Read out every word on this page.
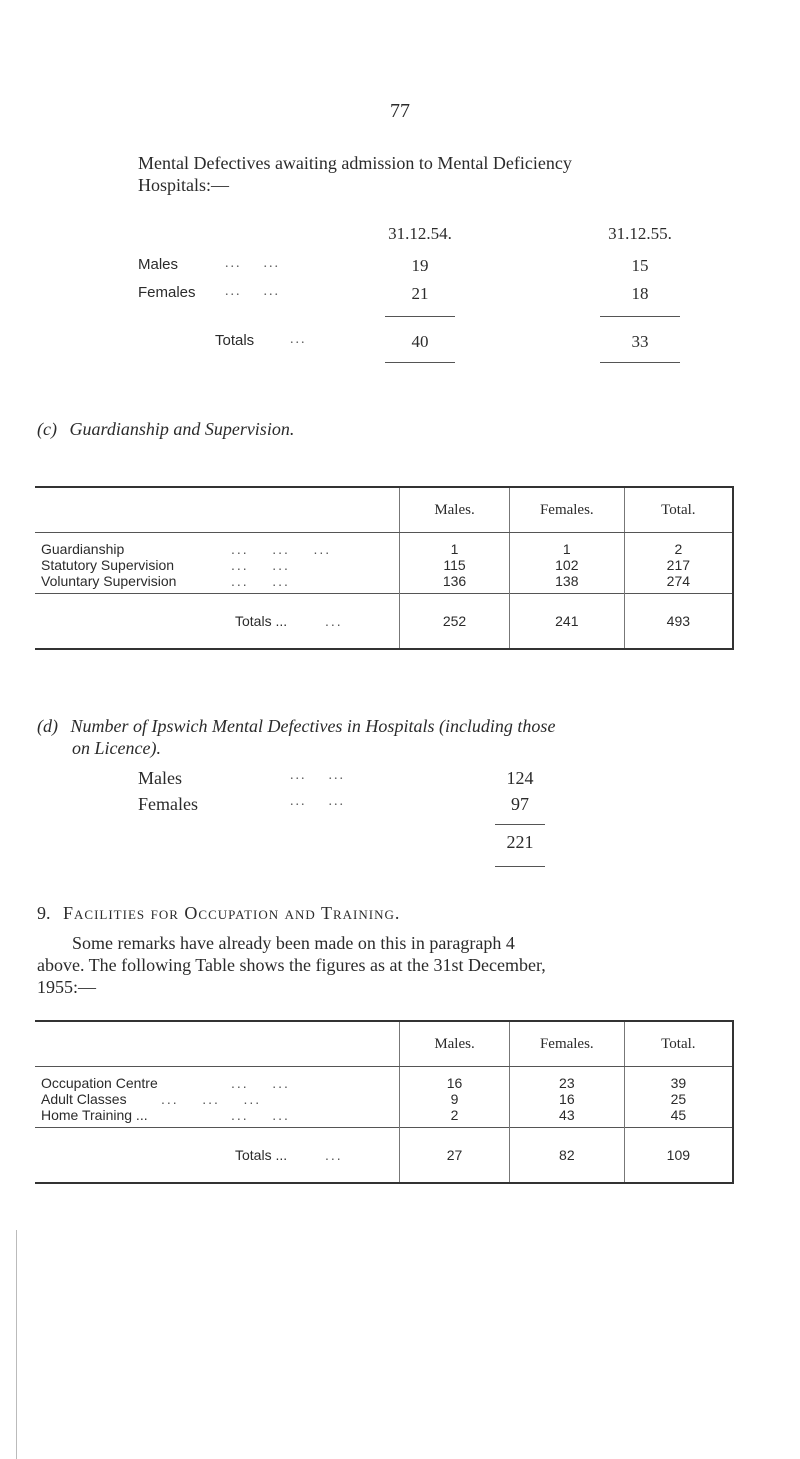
77
Mental Defectives awaiting admission to Mental Deficiency
Hospitals:—
31.12.54.	31.12.55.
Males	...    ...	19	15
Females ...    ...	21	18
Totals	...	40	33
(c) Guardianship and Supervision.
	Males.	Females.	Total.
Guardianship ...    ...    ...	1	1	2
Statutory Supervision ...    ...	115	102	217
Voluntary Supervision ...    ...	136	138	274
Totals ... ...	252	241	493
(d) Number of Ipswich Mental Defectives in Hospitals (including those
on Licence).
Males	...    ...	124
Females	...    ...	97
221
9. Facilities for Occupation and Training.
Some remarks have already been made on this in paragraph 4
above. The following Table shows the figures as at the 31st December,
1955:—
	Males.	Females.	Total.
Occupation Centre ...    ...	16	23	39
Adult Classes ...    ...    ...	9	16	25
Home Training ... ...    ...	2	43	45
Totals ... ...	27	82	109
